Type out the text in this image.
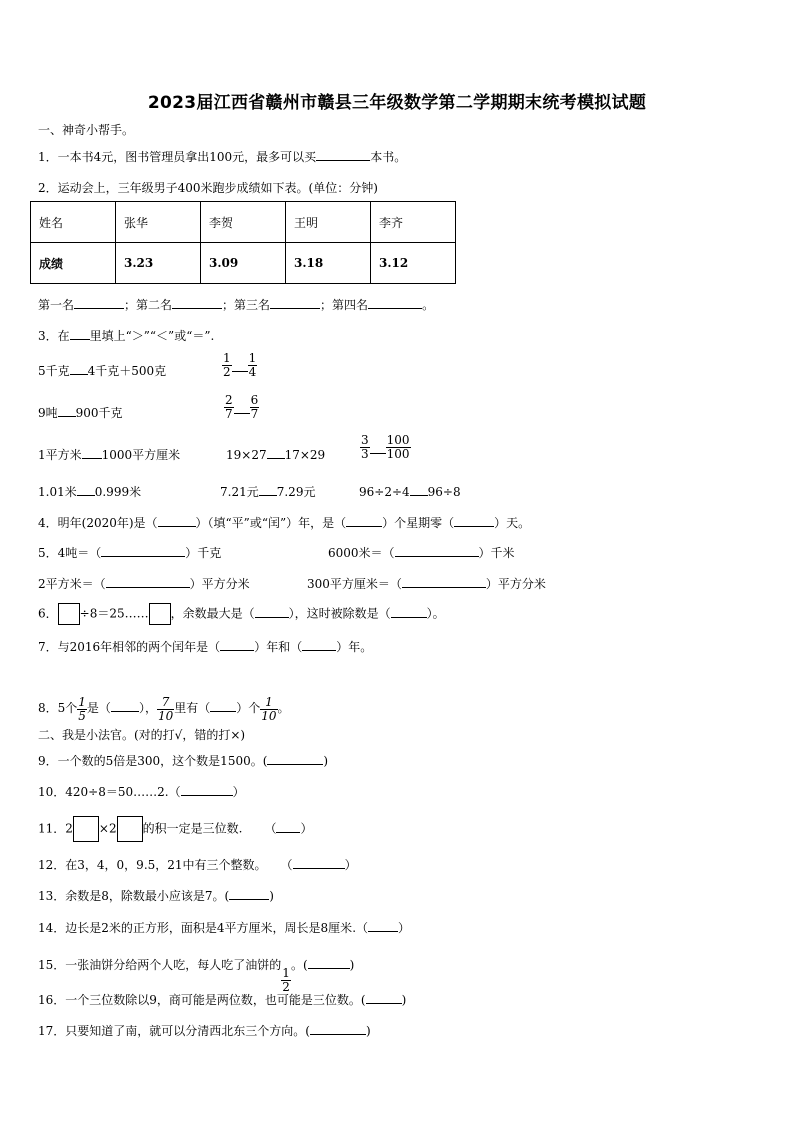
2023届江西省赣州市赣县三年级数学第二学期期末统考模拟试题
一、神奇小帮手。
1．一本书4元，图书管理员拿出100元，最多可以买	本书。
2．运动会上，三年级男子400米跑步成绩如下表。(单位：分钟)
姓名	张华	李贺	王明	李齐
成绩	3.23	3.09	3.18	3.12
第一名	；第二名	；第三名	；第四名	。
3．在 里填上“＞”“＜”或“＝”.
5千克 4千克＋500克	$\frac{1}{2} \frac{1}{4}$
9吨 900千克	$\frac{2}{7} \frac{6}{7}$
1平方米 1000平方厘米	19×27 17×29	$\frac{3}{3} \frac{100}{100}$
1.01米 0.999米	7.21元 7.29元	96÷2÷4 96÷8
4．明年(2020年)是（	）（填“平”或“闰”）年，是（	）个星期零（	）天。
5．4吨＝（	）千克	6000米＝（	）千米
2平方米＝（	）平方分米	300平方厘米＝（	）平方分米
6． ÷8＝25…… ，余数最大是（	），这时被除数是（	）。
7．与2016年相邻的两个闰年是（	）年和（	）年。
8．5个 $\frac{1}{5}$ 是（ ）， $\frac{7}{10}$ 里有（ ）个 $\frac{1}{10}$ 。
二、我是小法官。(对的打√，错的打×)
9．一个数的5倍是300，这个数是1500。(	)
10．420÷8＝50……2.（	）
11．2 ×2 的积一定是三位数. （ ）
12．在3，4，0，9.5，21中有三个整数。 （	）
13．余数是8，除数最小应该是7。(	)
14．边长是2米的正方形，面积是4平方厘米，周长是8厘米.（	）
15．一张油饼分给两个人吃，每人吃了油饼的
$\frac{1}{2}$
。(	)
16．一个三位数除以9，商可能是两位数，也可能是三位数。(	)
17．只要知道了南，就可以分清西北东三个方向。(	)
